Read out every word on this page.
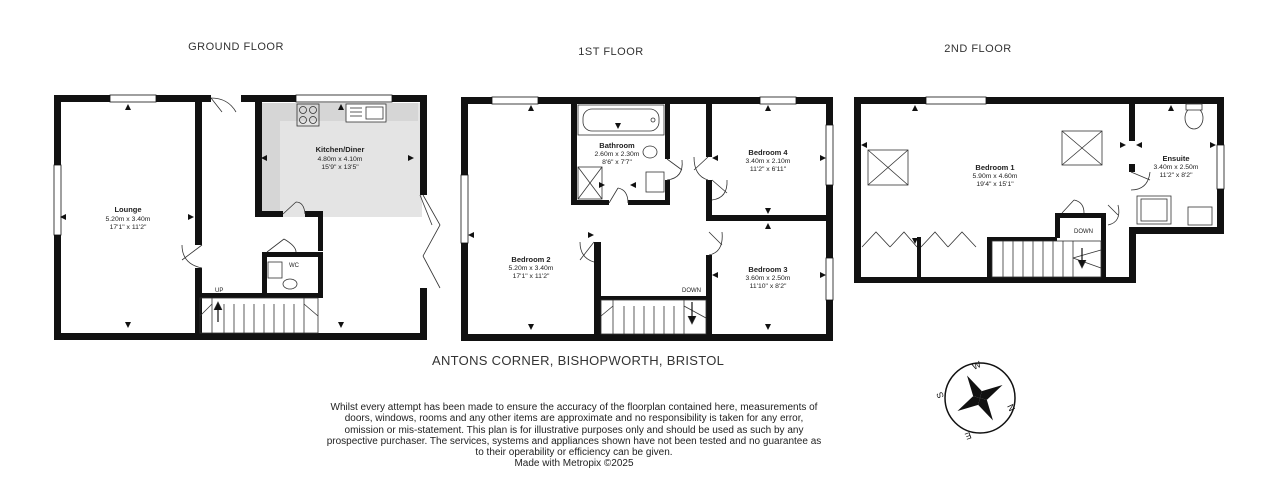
GROUND FLOOR
UP
WC
Lounge
5.20m x 3.40m
17'1" x 11'2"
Kitchen/Diner
4.80m x 4.10m
15'9" x 13'5"
1ST FLOOR
DOWN
Bathroom
2.60m x 2.30m
8'6" x 7'7"
Bedroom 4
3.40m x 2.10m
11'2" x 6'11"
Bedroom 2
5.20m x 3.40m
17'1" x 11'2"
Bedroom 3
3.60m x 2.50m
11'10" x 8'2"
2ND FLOOR
DOWN
Bedroom 1
5.90m x 4.60m
19'4" x 15'1"
Ensuite
3.40m x 2.50m
11'2" x 8'2"
W
N
S
E
ANTONS CORNER, BISHOPWORTH, BRISTOL
Whilst every attempt has been made to ensure the accuracy of the floorplan contained here, measurements of doors, windows, rooms and any other items are approximate and no responsibility is taken for any error, omission or mis-statement. This plan is for illustrative purposes only and should be used as such by any prospective purchaser. The services, systems and appliances shown have not been tested and no guarantee as to their operability or efficiency can be given.
Made with Metropix ©2025
